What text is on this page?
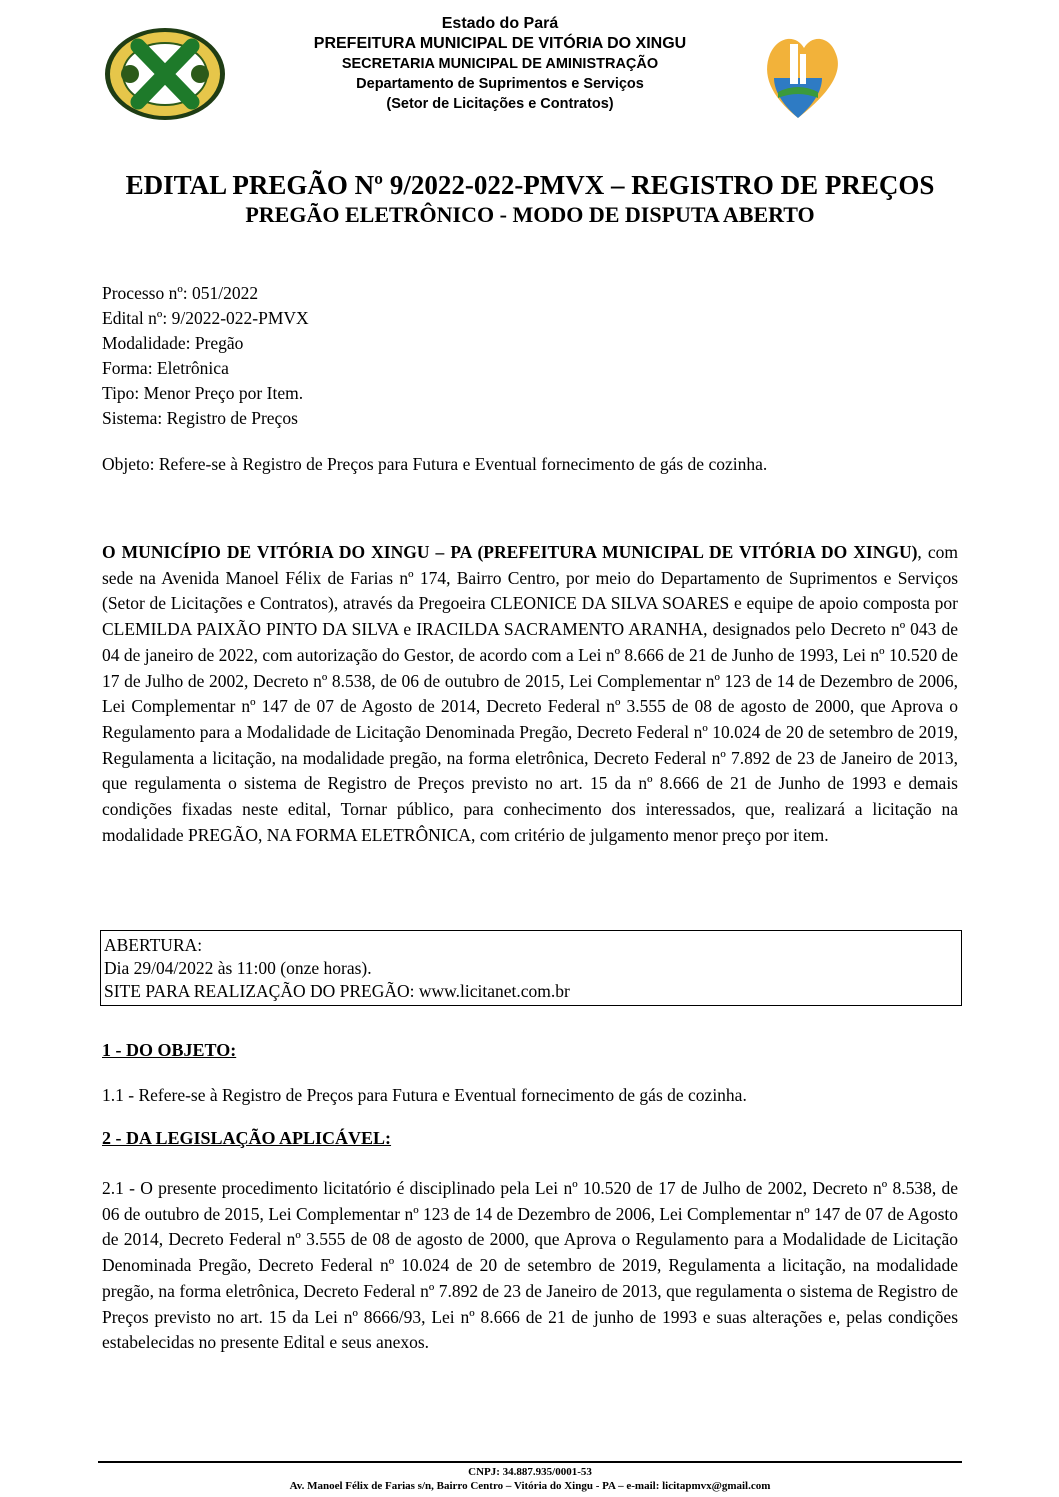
Estado do Pará
PREFEITURA MUNICIPAL DE VITÓRIA DO XINGU
SECRETARIA MUNICIPAL DE AMINISTRAÇÃO
Departamento de Suprimentos e Serviços
(Setor de Licitações e Contratos)
EDITAL PREGÃO Nº 9/2022-022-PMVX – REGISTRO DE PREÇOS
PREGÃO ELETRÔNICO - MODO DE DISPUTA ABERTO
Processo nº: 051/2022
Edital nº: 9/2022-022-PMVX
Modalidade: Pregão
Forma: Eletrônica
Tipo: Menor Preço por Item.
Sistema: Registro de Preços
Objeto: Refere-se à Registro de Preços para Futura e Eventual fornecimento de gás de cozinha.
O MUNICÍPIO DE VITÓRIA DO XINGU – PA (PREFEITURA MUNICIPAL DE VITÓRIA DO XINGU), com sede na Avenida Manoel Félix de Farias nº 174, Bairro Centro, por meio do Departamento de Suprimentos e Serviços (Setor de Licitações e Contratos), através da Pregoeira CLEONICE DA SILVA SOARES e equipe de apoio composta por CLEMILDA PAIXÃO PINTO DA SILVA e IRACILDA SACRAMENTO ARANHA, designados pelo Decreto nº 043 de 04 de janeiro de 2022, com autorização do Gestor, de acordo com a Lei nº 8.666 de 21 de Junho de 1993, Lei nº 10.520 de 17 de Julho de 2002, Decreto nº 8.538, de 06 de outubro de 2015, Lei Complementar nº 123 de 14 de Dezembro de 2006, Lei Complementar nº 147 de 07 de Agosto de 2014, Decreto Federal nº 3.555 de 08 de agosto de 2000, que Aprova o Regulamento para a Modalidade de Licitação Denominada Pregão, Decreto Federal nº 10.024 de 20 de setembro de 2019, Regulamenta a licitação, na modalidade pregão, na forma eletrônica, Decreto Federal nº 7.892 de 23 de Janeiro de 2013, que regulamenta o sistema de Registro de Preços previsto no art. 15 da nº 8.666 de 21 de Junho de 1993 e demais condições fixadas neste edital, Tornar público, para conhecimento dos interessados, que, realizará a licitação na modalidade PREGÃO, NA FORMA ELETRÔNICA, com critério de julgamento menor preço por item.
ABERTURA:
Dia 29/04/2022 às 11:00 (onze horas).
SITE PARA REALIZAÇÃO DO PREGÃO: www.licitanet.com.br
1 - DO OBJETO:
1.1 - Refere-se à Registro de Preços para Futura e Eventual fornecimento de gás de cozinha.
2 - DA LEGISLAÇÃO APLICÁVEL:
2.1 - O presente procedimento licitatório é disciplinado pela Lei nº 10.520 de 17 de Julho de 2002, Decreto nº 8.538, de 06 de outubro de 2015, Lei Complementar nº 123 de 14 de Dezembro de 2006, Lei Complementar nº 147 de 07 de Agosto de 2014, Decreto Federal nº 3.555 de 08 de agosto de 2000, que Aprova o Regulamento para a Modalidade de Licitação Denominada Pregão, Decreto Federal nº 10.024 de 20 de setembro de 2019, Regulamenta a licitação, na modalidade pregão, na forma eletrônica, Decreto Federal nº 7.892 de 23 de Janeiro de 2013, que regulamenta o sistema de Registro de Preços previsto no art. 15 da Lei nº 8666/93, Lei nº 8.666 de 21 de junho de 1993 e suas alterações e, pelas condições estabelecidas no presente Edital e seus anexos.
CNPJ: 34.887.935/0001-53
Av. Manoel Félix de Farias s/n, Bairro Centro – Vitória do Xingu - PA – e-mail: licitapmvx@gmail.com
